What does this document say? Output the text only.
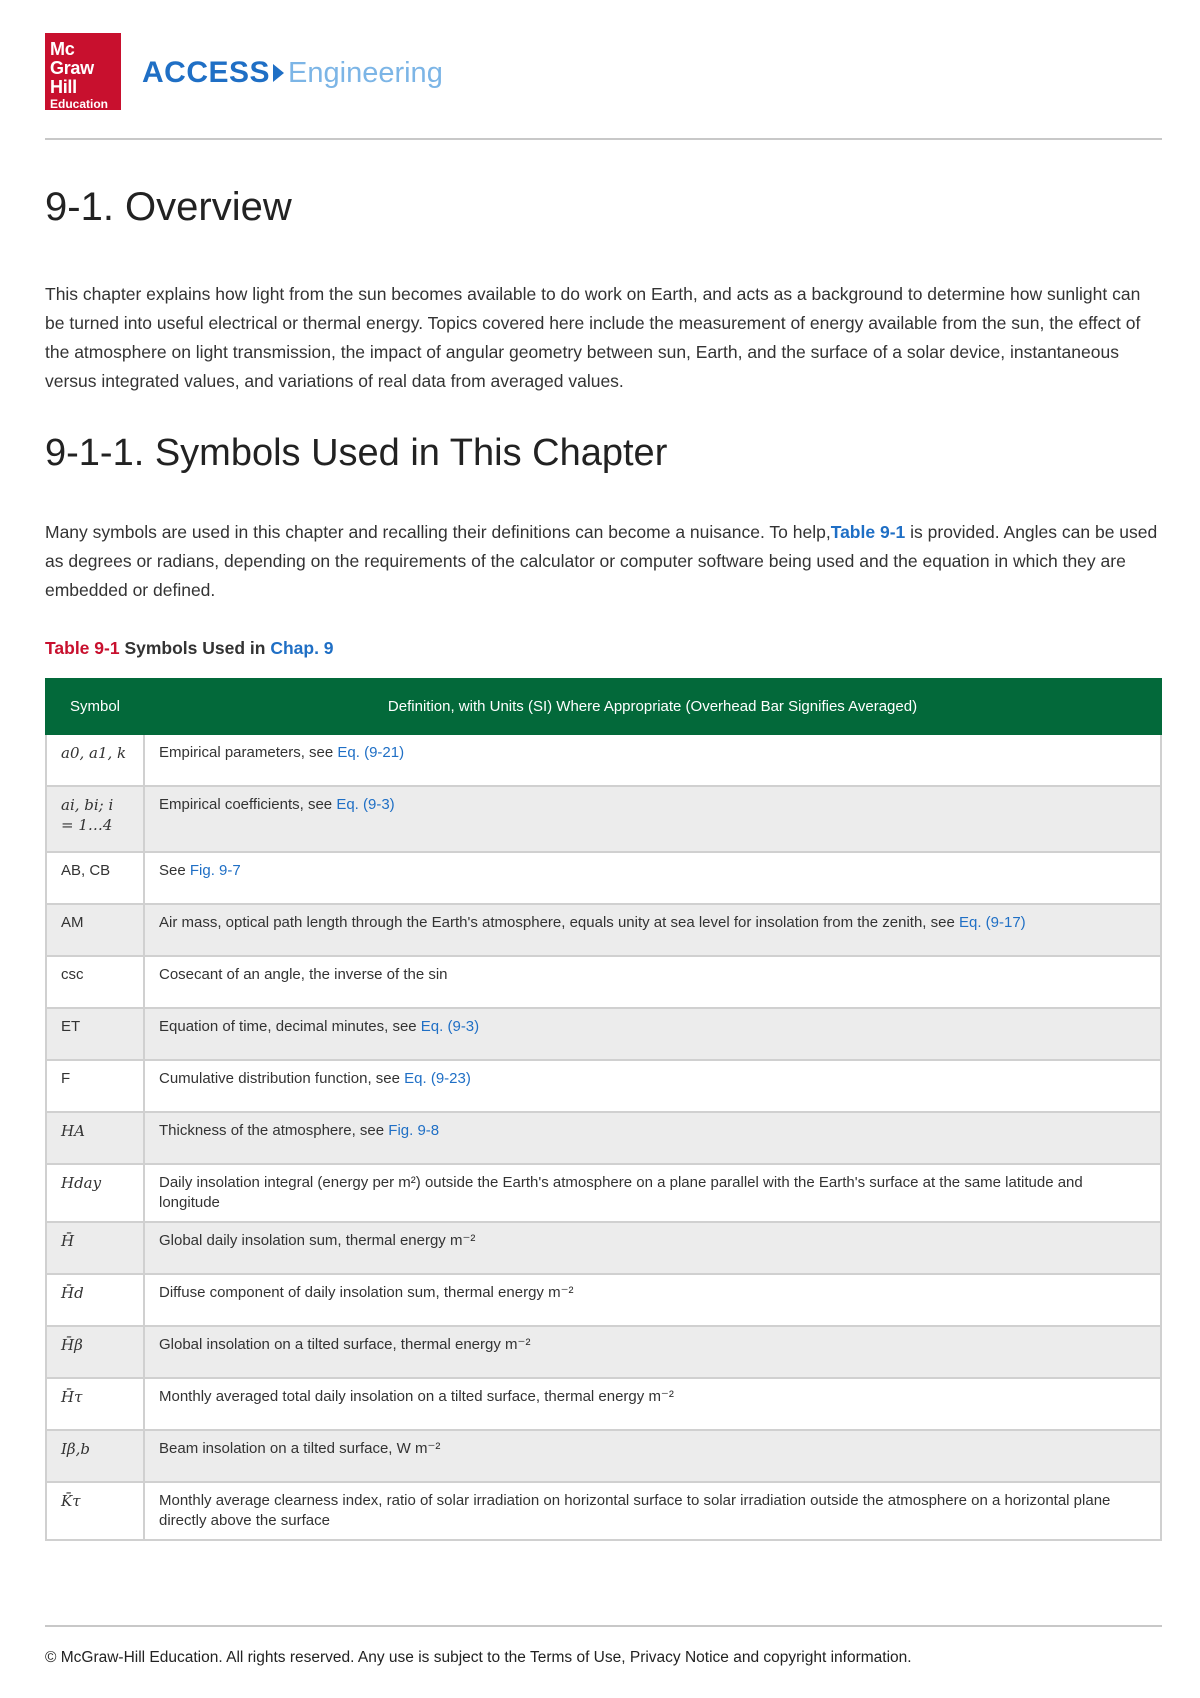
Mc
Graw
Hill
Education
ACCESS Engineering
9-1. Overview

This chapter explains how light from the sun becomes available to do work on Earth, and acts as a background to determine how sunlight can be turned into useful electrical or thermal energy. Topics covered here include the measurement of energy available from the sun, the effect of the atmosphere on light transmission, the impact of angular geometry between sun, Earth, and the surface of a solar device, instantaneous versus integrated values, and variations of real data from averaged values.

9-1-1. Symbols Used in This Chapter

Many symbols are used in this chapter and recalling their definitions can become a nuisance. To help,Table 9-1 is provided. Angles can be used as degrees or radians, depending on the requirements of the calculator or computer software being used and the equation in which they are embedded or defined.

Table 9-1 Symbols Used in Chap. 9
Symbol	Definition, with Units (SI) Where Appropriate (Overhead Bar Signifies Averaged)
a0, a1, k	Empirical parameters, see Eq. (9-21)
ai, bi; i = 1…4	Empirical coefficients, see Eq. (9-3)
AB, CB	See Fig. 9-7
AM	Air mass, optical path length through the Earth's atmosphere, equals unity at sea level for insolation from the zenith, see Eq. (9-17)
csc	Cosecant of an angle, the inverse of the sin
ET	Equation of time, decimal minutes, see Eq. (9-3)
F	Cumulative distribution function, see Eq. (9-23)
HA	Thickness of the atmosphere, see Fig. 9-8
Hday	Daily insolation integral (energy per m²) outside the Earth's atmosphere on a plane parallel with the Earth's surface at the same latitude and longitude
H̄	Global daily insolation sum, thermal energy m⁻²
H̄d	Diffuse component of daily insolation sum, thermal energy m⁻²
H̄β	Global insolation on a tilted surface, thermal energy m⁻²
H̄τ	Monthly averaged total daily insolation on a tilted surface, thermal energy m⁻²
Iβ,b	Beam insolation on a tilted surface, W m⁻²
K̄τ	Monthly average clearness index, ratio of solar irradiation on horizontal surface to solar irradiation outside the atmosphere on a horizontal plane directly above the surface
© McGraw-Hill Education. All rights reserved. Any use is subject to the Terms of Use, Privacy Notice and copyright information.
